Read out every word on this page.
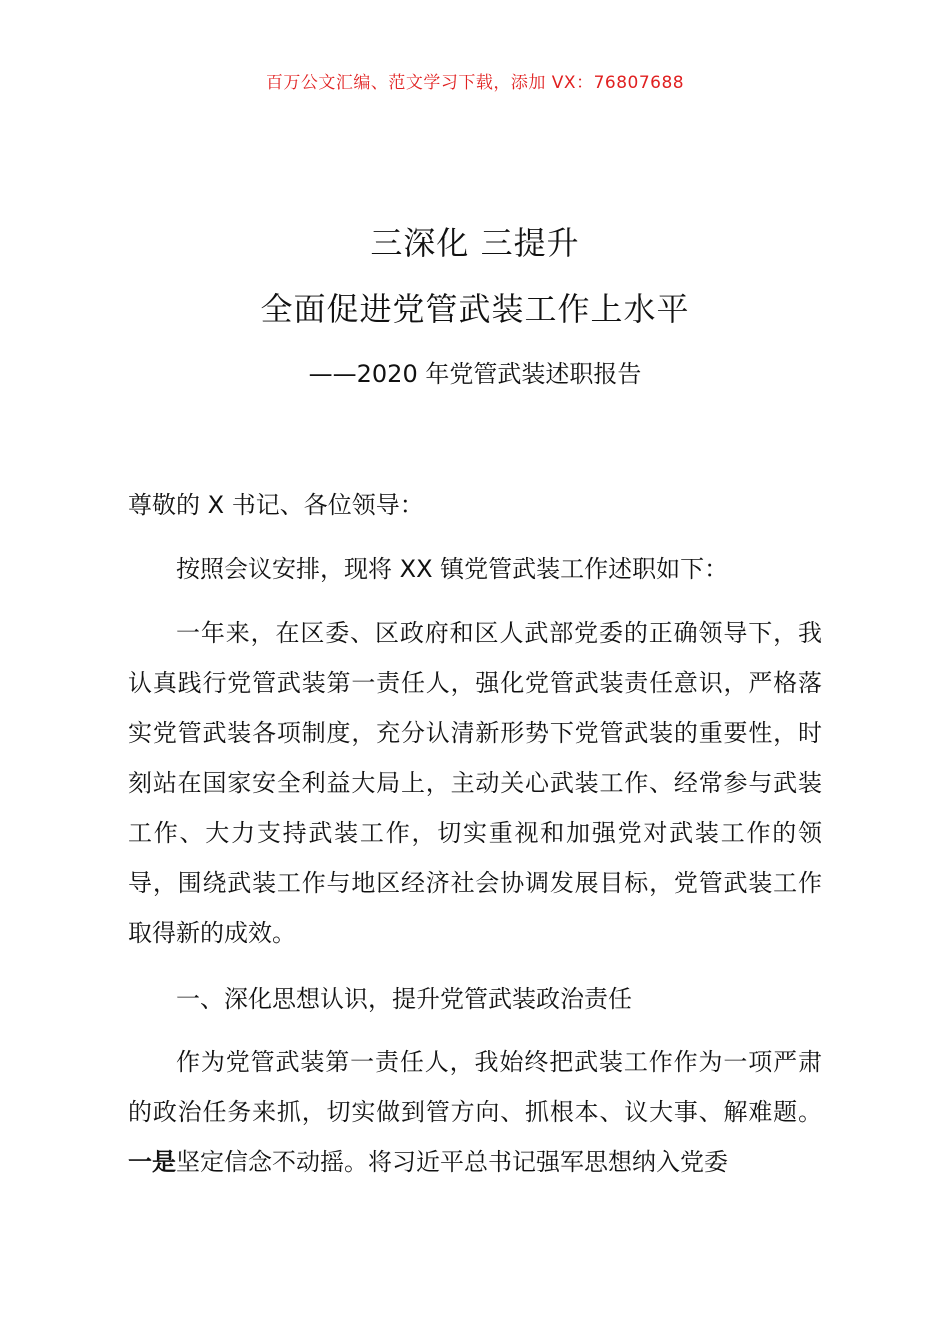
百万公文汇编、范文学习下载，添加 VX：76807688
三深化 三提升
全面促进党管武装工作上水平
——2020 年党管武装述职报告

尊敬的 X 书记、各位领导：

按照会议安排，现将 XX 镇党管武装工作述职如下：

一年来，在区委、区政府和区人武部党委的正确领导下，我认真践行党管武装第一责任人，强化党管武装责任意识，严格落实党管武装各项制度，充分认清新形势下党管武装的重要性，时刻站在国家安全利益大局上，主动关心武装工作、经常参与武装工作、大力支持武装工作，切实重视和加强党对武装工作的领导，围绕武装工作与地区经济社会协调发展目标，党管武装工作取得新的成效。

一、深化思想认识，提升党管武装政治责任

作为党管武装第一责任人，我始终把武装工作作为一项严肃的政治任务来抓，切实做到管方向、抓根本、议大事、解难题。一是坚定信念不动摇。将习近平总书记强军思想纳入党委
